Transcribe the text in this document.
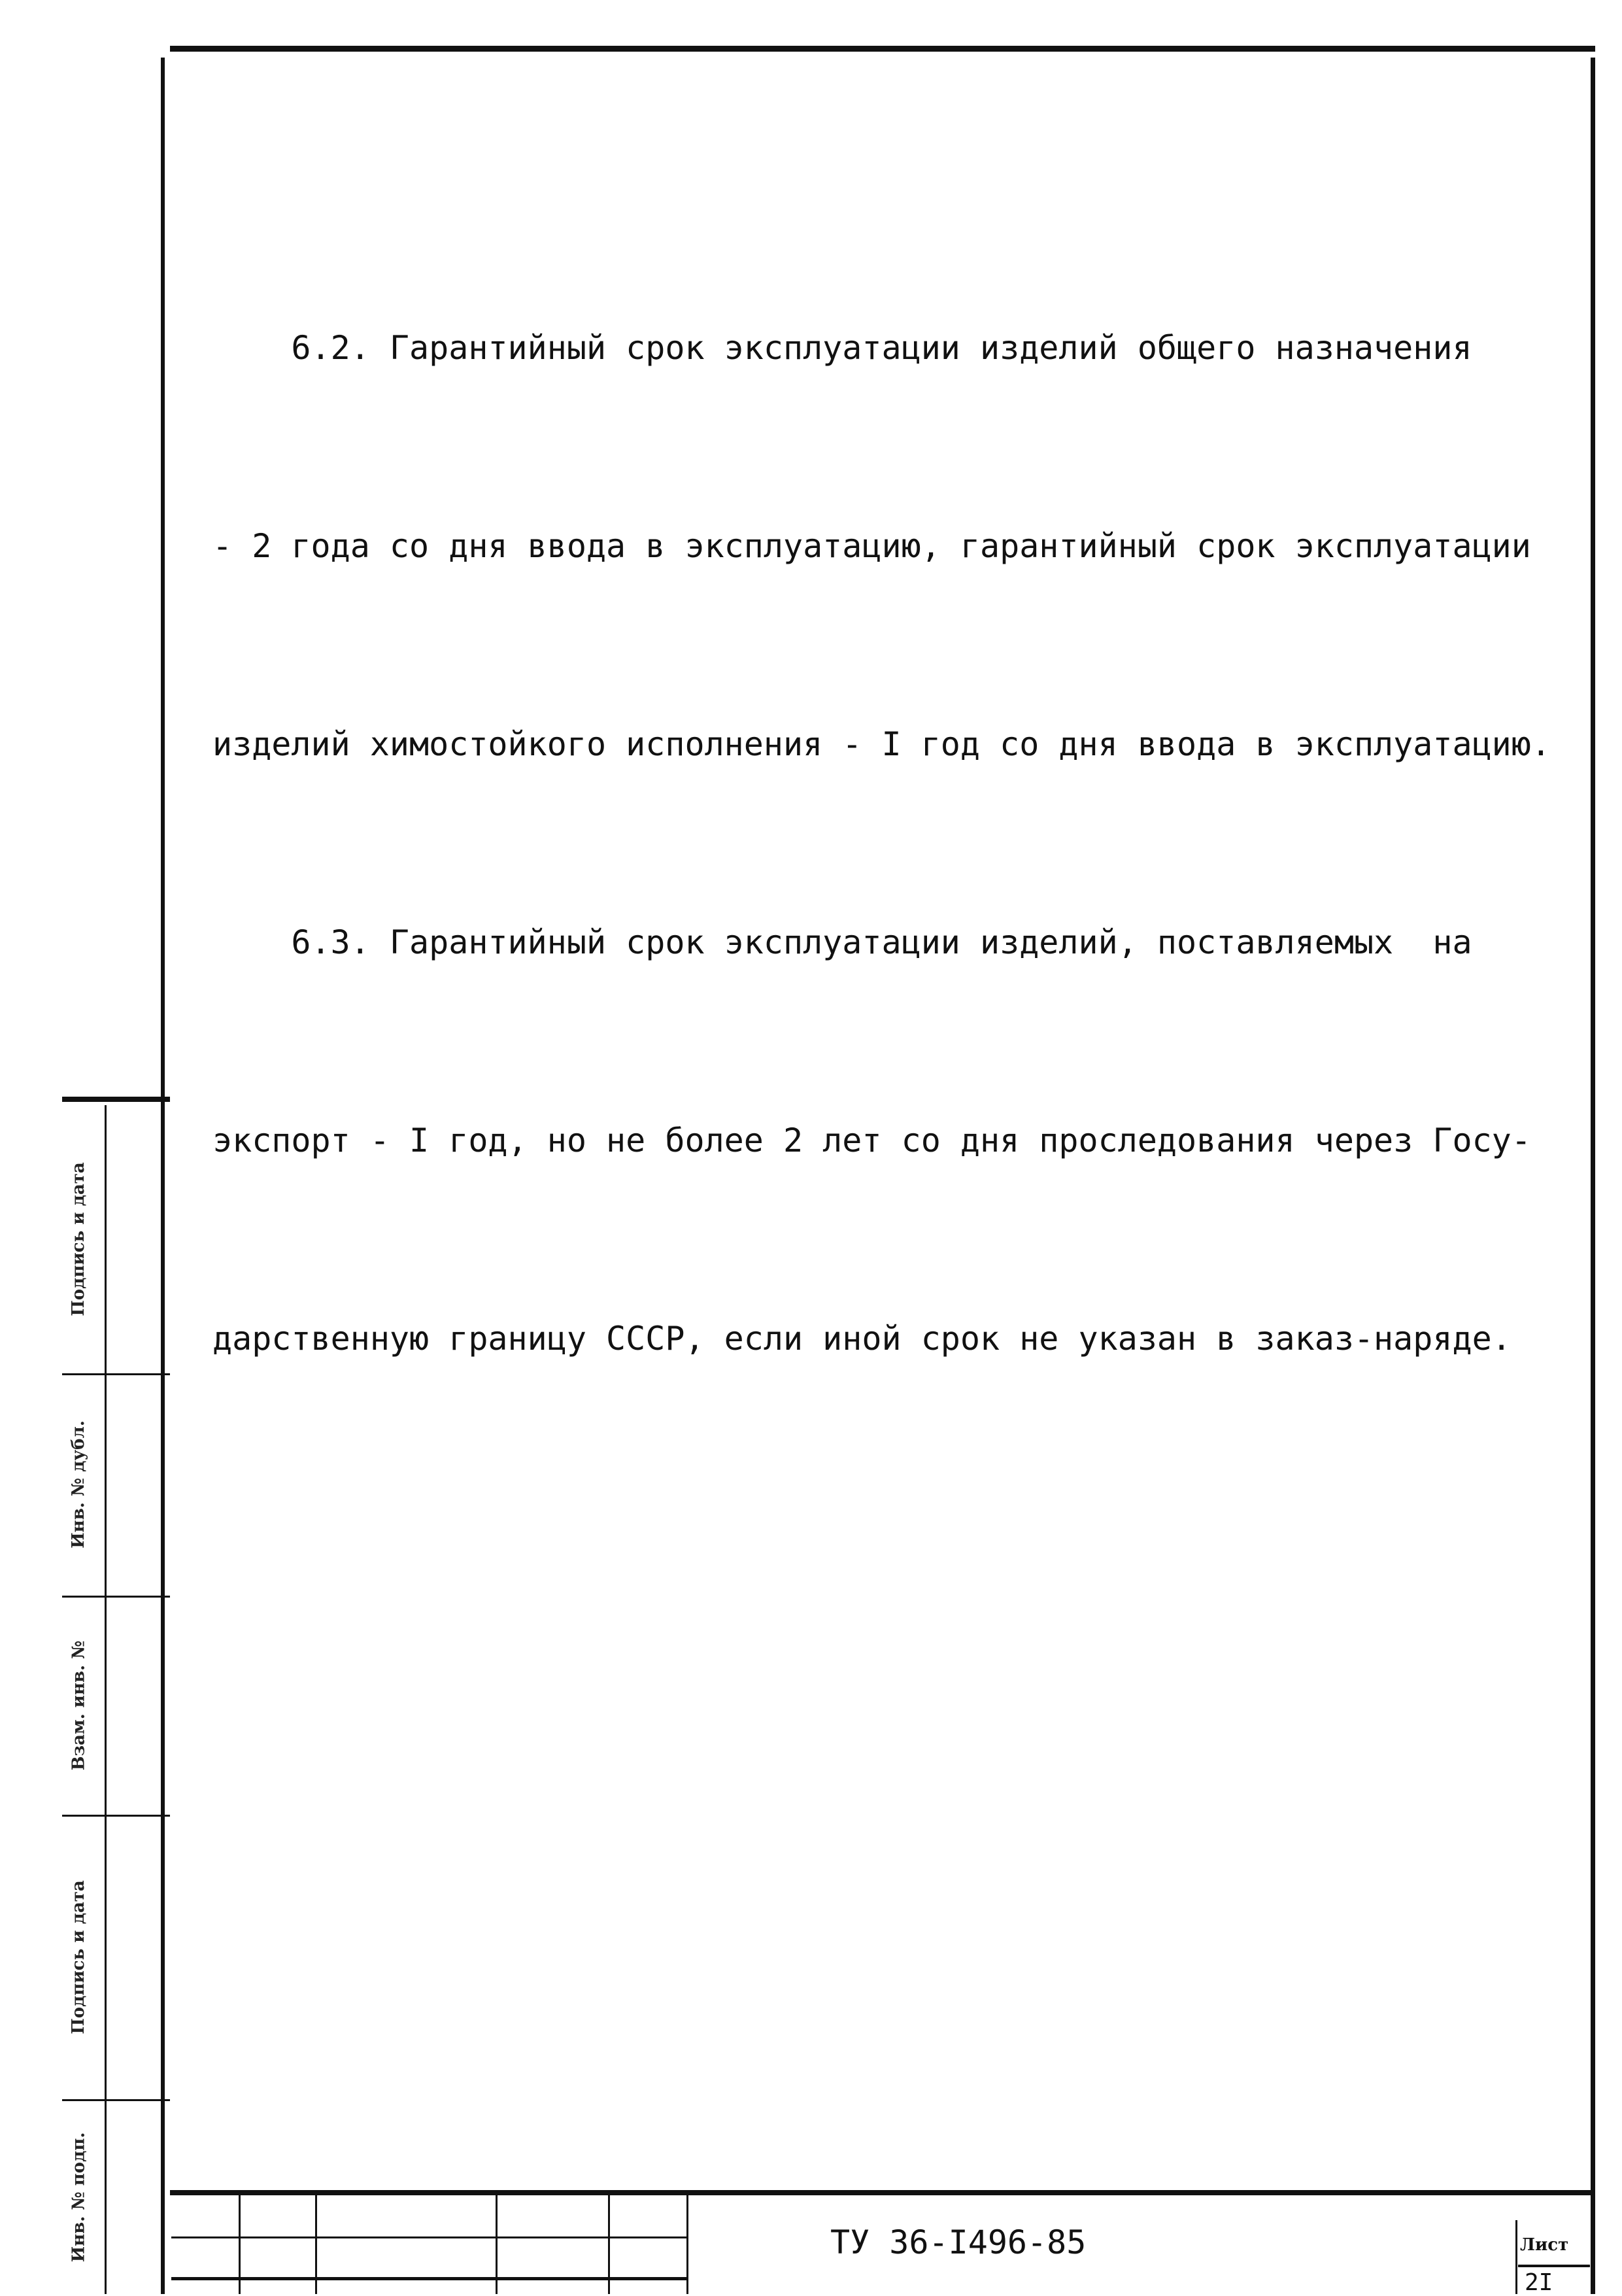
6.2. Гарантийный срок эксплуатации изделий общего назначения

- 2 года со дня ввода в эксплуатацию, гарантийный срок эксплуатации

изделий химостойкого исполнения - I год со дня ввода в эксплуатацию.

6.3. Гарантийный срок эксплуатации изделий, поставляемых  на

экспорт - I год, но не более 2 лет со дня проследования через Госу-

дарственную границу СССР, если иной срок не указан в заказ-наряде.

Подпись и дата
Инв. № дубл.
Взам. инв. №
Подпись и дата
Инв. № подп.	ТУ 36-I496-85	Лист
2I
